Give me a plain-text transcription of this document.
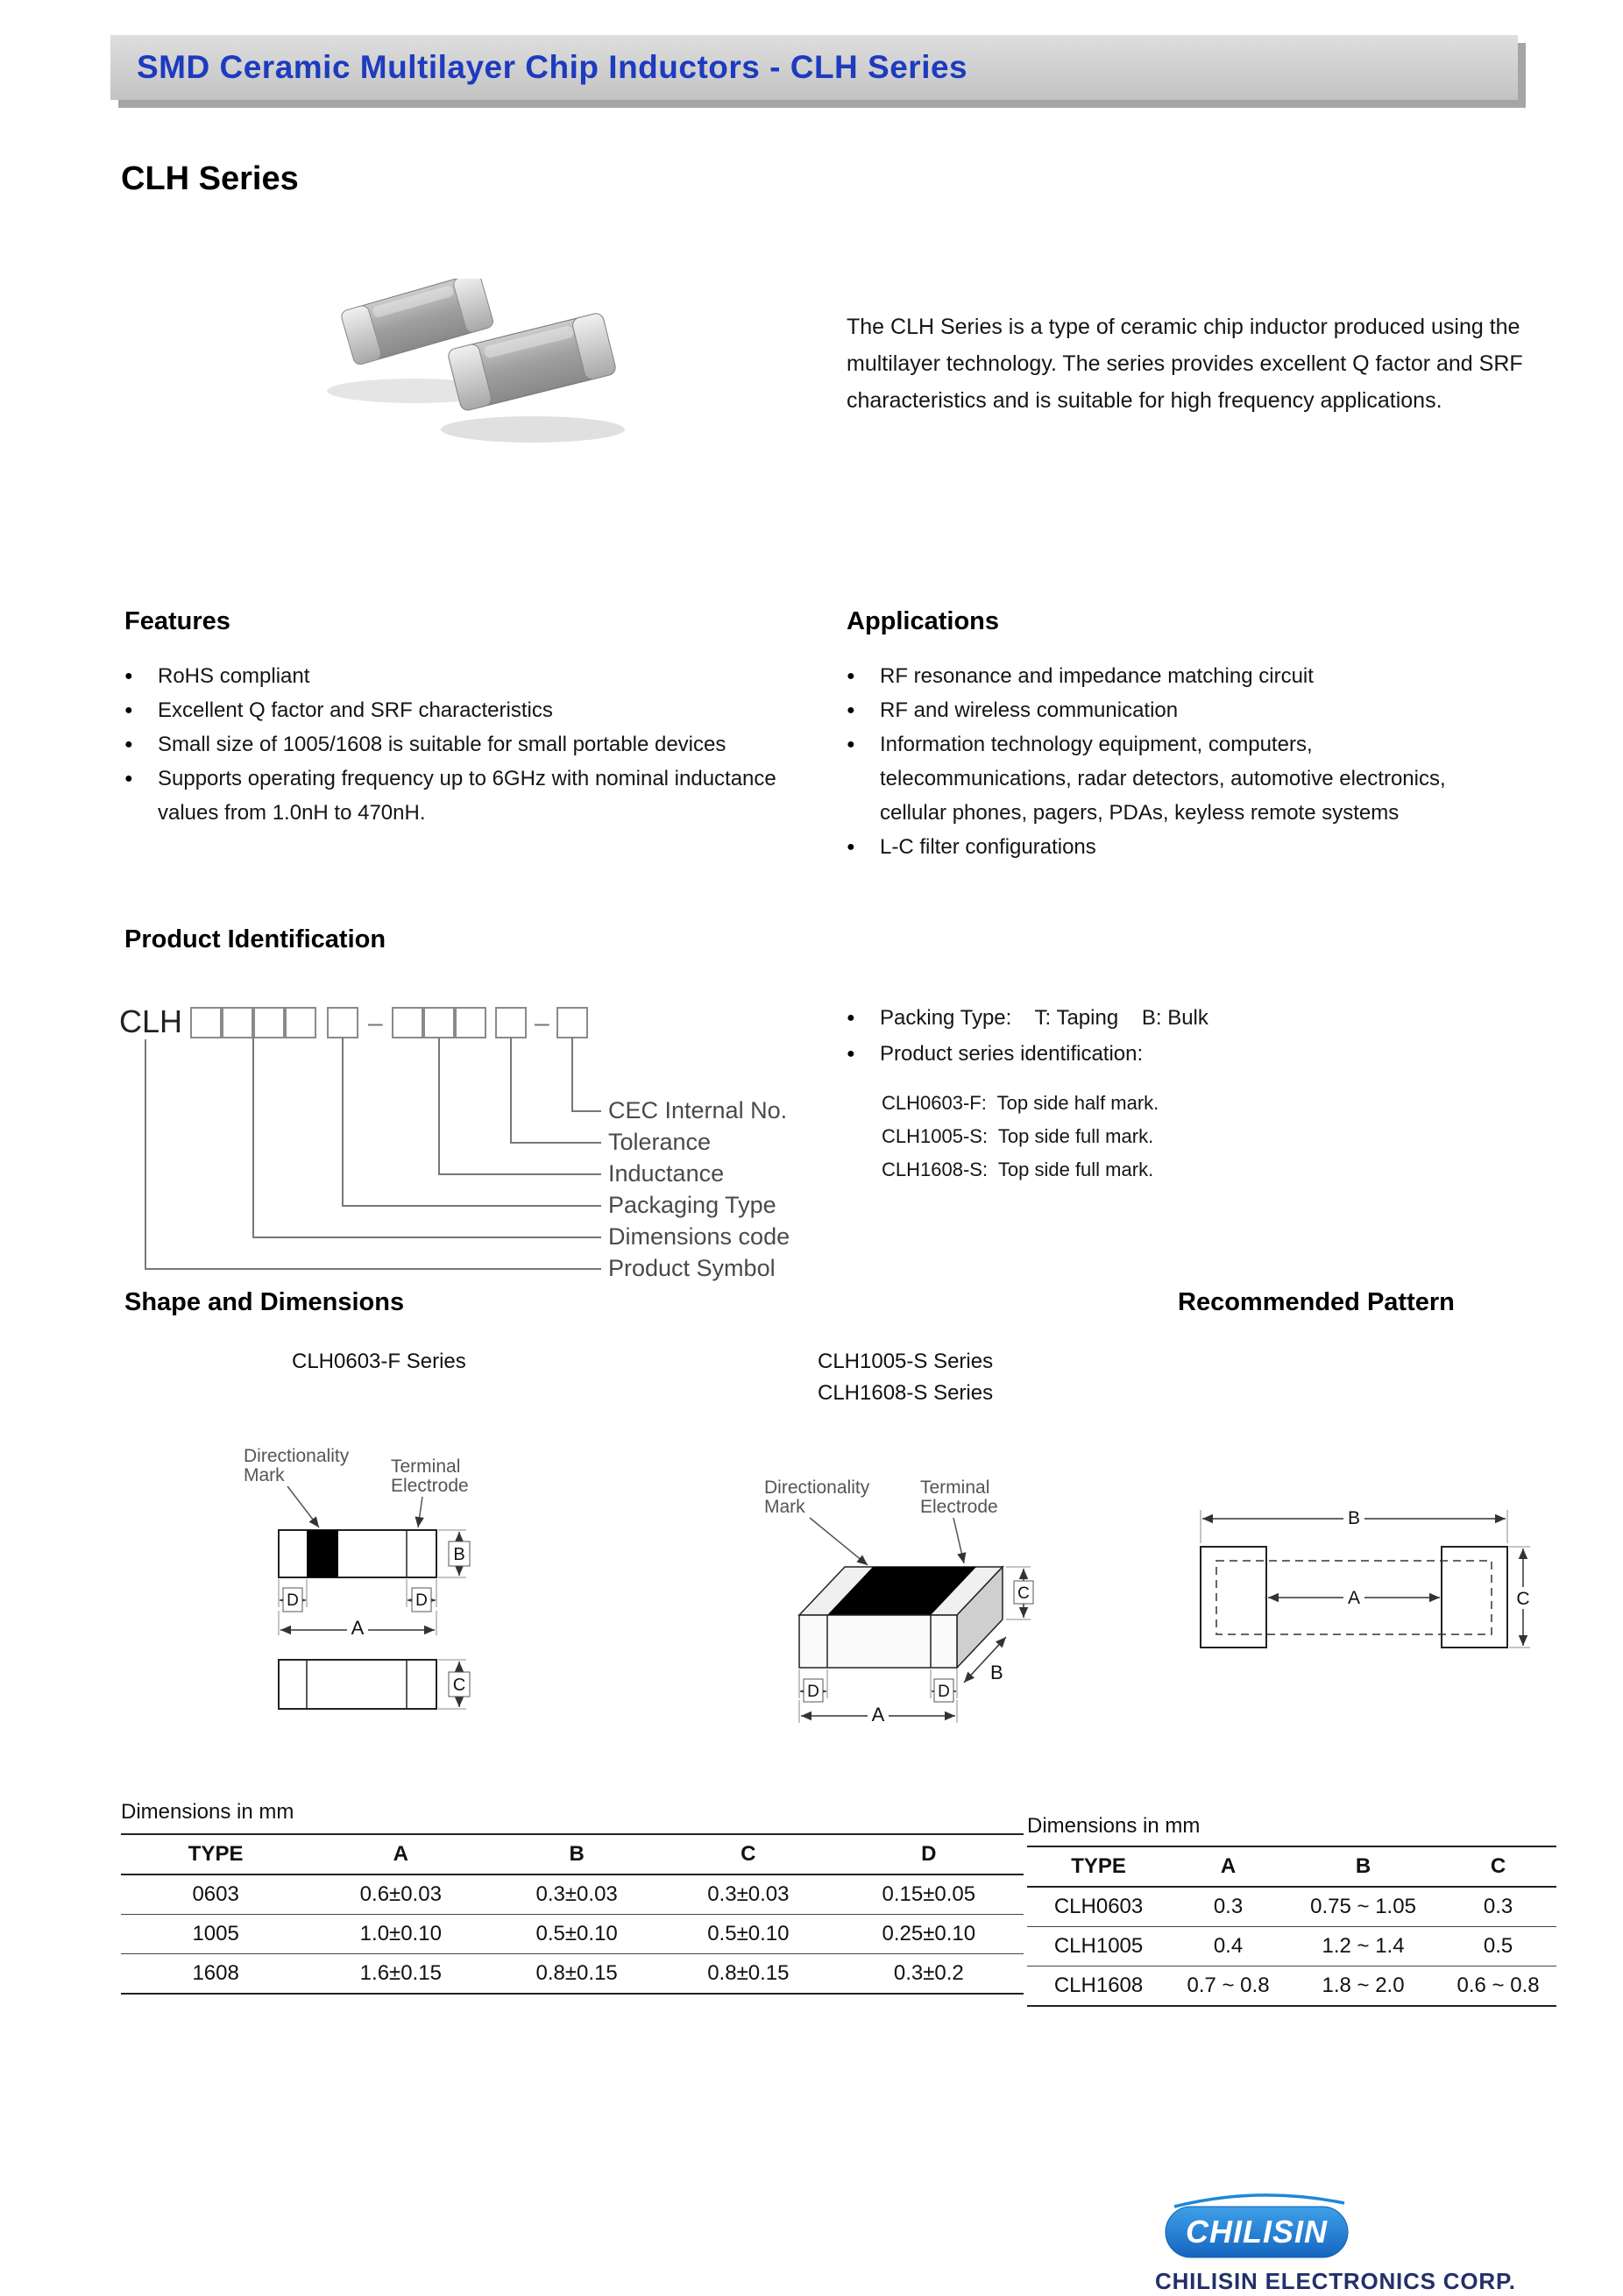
SMD Ceramic Multilayer Chip Inductors - CLH Series
CLH Series

The CLH Series is a type of ceramic chip inductor produced using the multilayer technology. The series provides excellent Q factor and SRF characteristics and is suitable for high frequency applications.

Features
●	RoHS compliant
●	Excellent Q factor and SRF characteristics
●	Small size of 1005/1608 is suitable for small portable devices
●	Supports operating frequency up to 6GHz with nominal inductance values from 1.0nH to 470nH.
Applications
●	RF resonance and impedance matching circuit
●	RF and wireless communication
●	Information technology equipment, computers, telecommunications, radar detectors, automotive electronics, cellular phones, pagers, PDAs, keyless remote systems
●	L-C filter configurations
Product Identification
CLH	–	–
CEC Internal No.
Tolerance
Inductance
Packaging Type
Dimensions code
Product Symbol
●	Packing Type:    T: Taping    B: Bulk
●	Product series identification:
CLH0603-F:  Top side half mark.
CLH1005-S:  Top side full mark.
CLH1608-S:  Top side full mark.
Shape and Dimensions	Recommended Pattern
CLH0603-F Series	CLH1005-S Series
CLH1608-S Series
Directionality
Mark	Terminal
Electrode
B
D	D
A
C
Directionality
Mark
Terminal
Electrode
C
D	D
B
A
B
A	C
Dimensions in mm
TYPE	A	B	C	D
0603	0.6±0.03	0.3±0.03	0.3±0.03	0.15±0.05
1005	1.0±0.10	0.5±0.10	0.5±0.10	0.25±0.10
1608	1.6±0.15	0.8±0.15	0.8±0.15	0.3±0.2
Dimensions in mm
TYPE	A	B	C
CLH0603	0.3	0.75 ~ 1.05	0.3
CLH1005	0.4	1.2 ~ 1.4	0.5
CLH1608	0.7 ~ 0.8	1.8 ~ 2.0	0.6 ~ 0.8
CHILISIN
CHILISIN ELECTRONICS CORP.
